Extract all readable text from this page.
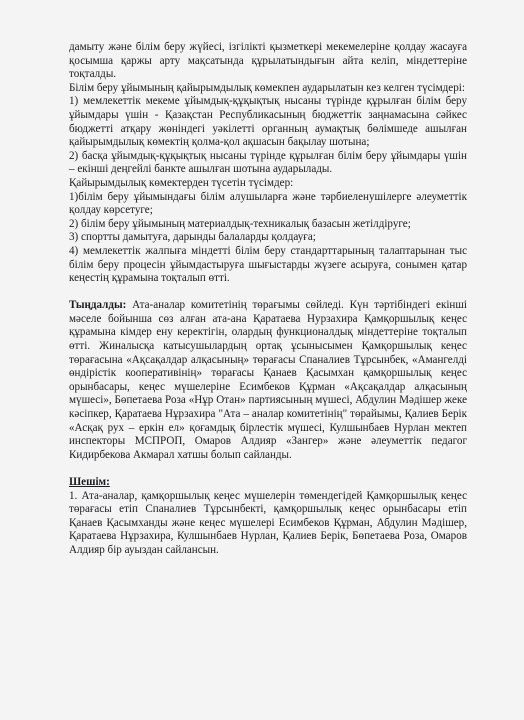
дамыту және білім беру жүйесі, ізгілікті қызметкері мекемелеріне қолдау жасауға қосымша қаржы арту мақсатында құрылатындығын айта келіп, міндеттеріне тоқталды.

Білім беру ұйымының қайырымдылық көмекпен аударылатын кез келген түсімдері:

1) мемлекеттік мекеме ұйымдық-құқықтық нысаны түрінде құрылған білім беру ұйымдары үшін - Қазақстан Республикасының бюджеттік заңнамасына сәйкес бюджетті атқару жөніндегі уәкілетті органның аумақтық бөлімшеде ашылған қайырымдылық көмектің қолма-қол ақшасын бақылау шотына;

2) басқа ұйымдық-құқықтық нысаны түрінде құрылған білім беру ұйымдары үшін – екінші деңгейлі банкте ашылған шотына аударылады.

Қайырымдылық көмектерден түсетін түсімдер:

1)білім беру ұйымындағы білім алушыларға және тәрбиеленушілерге әлеуметтік қолдау көрсетуге;

2) білім беру ұйымының материалдық-техникалық базасын жетілдіруге;

3) спортты дамытуға, дарынды балаларды қолдауға;

4) мемлекеттік жалпыға міндетті білім беру стандарттарының талаптарынан тыс білім беру процесін ұйымдастыруға шығыстарды жүзеге асыруға, сонымен қатар кеңестің құрамына тоқталып өтті.

Тыңдалды: Ата-аналар комитетінің төрағымы сөйледі. Күн тәртібіндегі екінші мәселе бойынша сөз алған ата-ана Қаратаева Нурзахира Қамқоршылық кеңес құрамына кімдер ену керектігін, олардың функционалдық міндеттеріне тоқталып өтті. Жиналысқа катысушылардың ортақ ұсынысымен Қамқоршылық кеңес төрағасына «Ақсақалдар алқасының» төрағасы Спаналиев Тұрсынбек, «Амангелді өндірістік кооперативінің» төрағасы Қанаев Қасымхан қамқоршылық кеңес орынбасары, кеңес мүшелеріне Есимбеков Құрман «Ақсақалдар алқасының мүшесі», Бөпетаева Роза «Нұр Отан» партиясының мүшесі, Абдулин Мәдішер жеке кәсіпкер, Қаратаева Нұрзахира "Ата – аналар комитетінің" төрайымы, Қалиев Берік «Асқақ рух – еркін ел» қоғамдық бірлестік мүшесі, Кулшынбаев Нурлан мектеп инспекторы МСПРОП, Омаров Алдияр «Зангер» және әлеуметтік педагог Кидирбекова Акмарал хатшы болып сайланды.

Шешім:

1. Ата-аналар, қамқоршылық кеңес мүшелерін төмендегідей Қамқоршылық кеңес төрағасы етіп Спаналиев Тұрсынбекті, қамқоршылық кеңес орынбасары етіп Қанаев Қасымханды және кеңес мүшелері Есимбеков Құрман, Абдулин Мәдішер, Қаратаева Нұрзахира, Кулшынбаев Нурлан, Қалиев Берік, Бөпетаева Роза, Омаров Алдияр бір ауыздан сайлансын.
